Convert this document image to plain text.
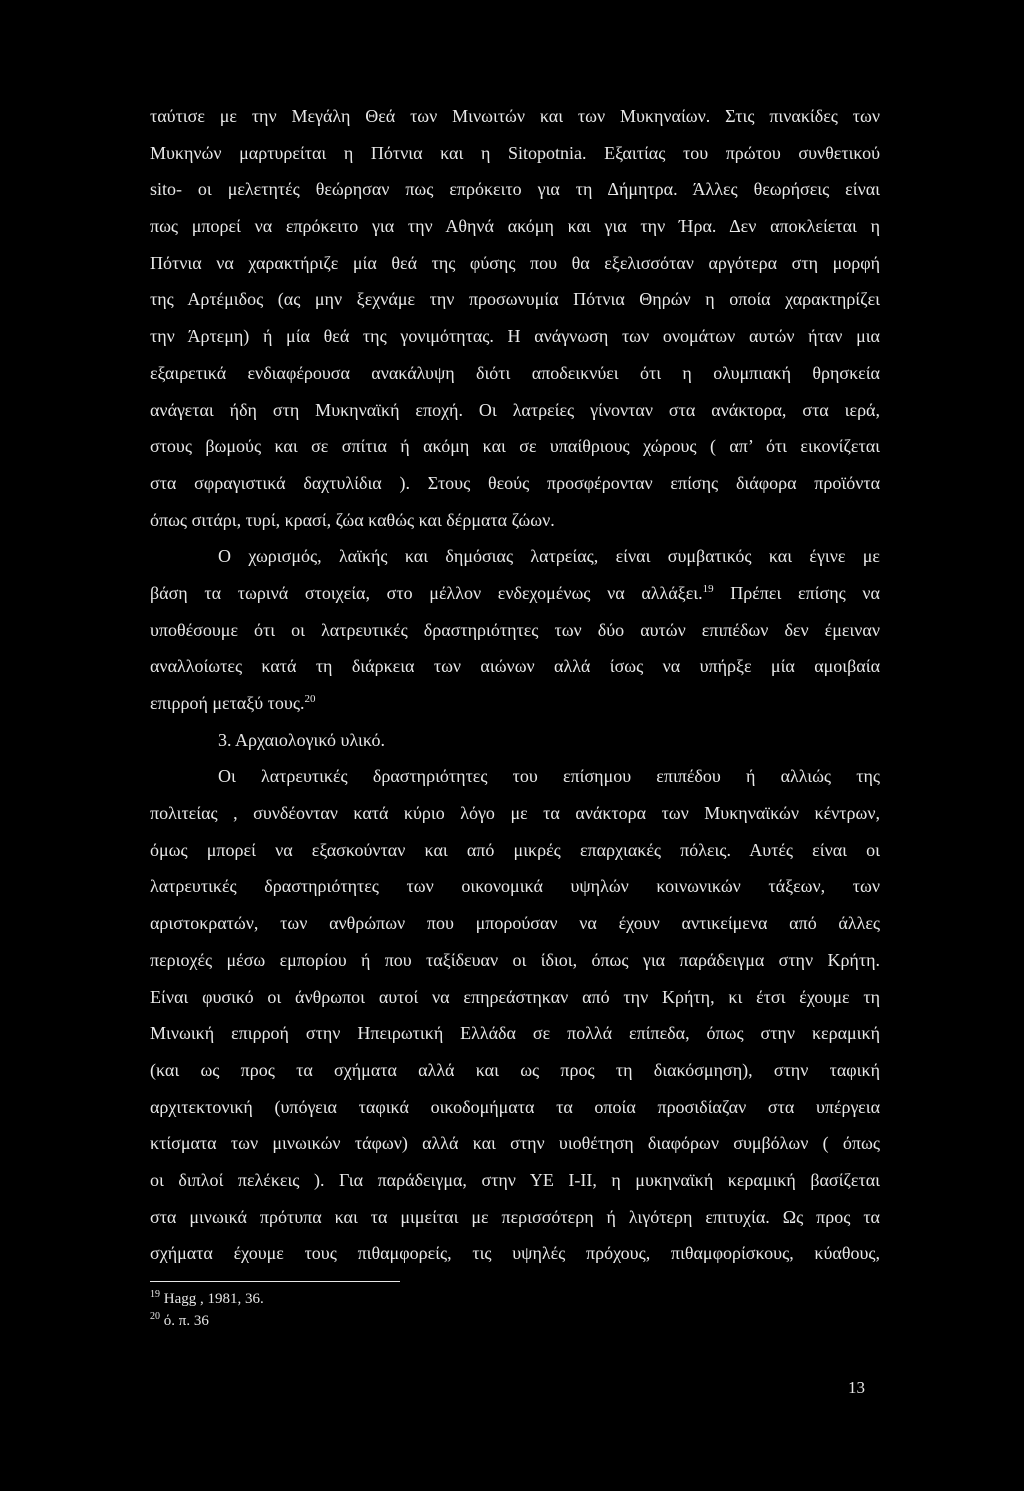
ταύτισε με την Μεγάλη Θεά των Μινωιτών και των Μυκηναίων. Στις πινακίδες των
Μυκηνών μαρτυρείται η Πότνια και η Sitopotnia. Εξαιτίας του πρώτου συνθετικού
sito- οι μελετητές θεώρησαν πως επρόκειτο για τη Δήμητρα. Άλλες θεωρήσεις είναι
πως μπορεί να επρόκειτο για την Αθηνά ακόμη και για την Ήρα. Δεν αποκλείεται η
Πότνια να χαρακτήριζε μία θεά της φύσης που θα εξελισσόταν αργότερα στη μορφή
της Αρτέμιδος (ας μην ξεχνάμε την προσωνυμία Πότνια Θηρών η οποία χαρακτηρίζει
την Άρτεμη) ή μία θεά της γονιμότητας. Η ανάγνωση των ονομάτων αυτών ήταν μια
εξαιρετικά ενδιαφέρουσα ανακάλυψη διότι αποδεικνύει ότι η ολυμπιακή θρησκεία
ανάγεται ήδη στη Μυκηναϊκή εποχή. Οι λατρείες γίνονταν στα ανάκτορα, στα ιερά,
στους βωμούς και σε σπίτια ή ακόμη και σε υπαίθριους χώρους ( απ’ ότι εικονίζεται
στα σφραγιστικά δαχτυλίδια ). Στους θεούς προσφέρονταν επίσης διάφορα προϊόντα
όπως σιτάρι, τυρί, κρασί, ζώα καθώς και δέρματα ζώων.
Ο χωρισμός, λαϊκής και δημόσιας λατρείας, είναι συμβατικός και έγινε με
βάση τα τωρινά στοιχεία, στο μέλλον ενδεχομένως να αλλάξει.$^{19}$ Πρέπει επίσης να
υποθέσουμε ότι οι λατρευτικές δραστηριότητες των δύο αυτών επιπέδων δεν έμειναν
αναλλοίωτες κατά τη διάρκεια των αιώνων αλλά ίσως να υπήρξε μία αμοιβαία
επιρροή μεταξύ τους.$^{20}$
3. Αρχαιολογικό υλικό.
Οι λατρευτικές δραστηριότητες του επίσημου επιπέδου ή αλλιώς της
πολιτείας , συνδέονταν κατά κύριο λόγο με τα ανάκτορα των Μυκηναϊκών κέντρων,
όμως μπορεί να εξασκούνταν και από μικρές επαρχιακές πόλεις. Αυτές είναι οι
λατρευτικές δραστηριότητες των οικονομικά υψηλών κοινωνικών τάξεων, των
αριστοκρατών, των ανθρώπων που μπορούσαν να έχουν αντικείμενα από άλλες
περιοχές μέσω εμπορίου ή που ταξίδευαν οι ίδιοι, όπως για παράδειγμα στην Κρήτη.
Είναι φυσικό οι άνθρωποι αυτοί να επηρεάστηκαν από την Κρήτη, κι έτσι έχουμε τη
Μινωική επιρροή στην Ηπειρωτική Ελλάδα σε πολλά επίπεδα, όπως στην κεραμική
(και ως προς τα σχήματα αλλά και ως προς τη διακόσμηση), στην ταφική
αρχιτεκτονική (υπόγεια ταφικά οικοδομήματα τα οποία προσιδίαζαν στα υπέργεια
κτίσματα των μινωικών τάφων) αλλά και στην υιοθέτηση διαφόρων συμβόλων ( όπως
οι διπλοί πελέκεις ). Για παράδειγμα, στην ΥΕ Ι-ΙΙ, η μυκηναϊκή κεραμική βασίζεται
στα μινωικά πρότυπα και τα μιμείται με περισσότερη ή λιγότερη επιτυχία. Ως προς τα
σχήματα έχουμε τους πιθαμφορείς, τις υψηλές πρόχους, πιθαμφορίσκους, κύαθους,
$^{19}$ Hagg , 1981, 36.
$^{20}$ ό. π. 36
13
